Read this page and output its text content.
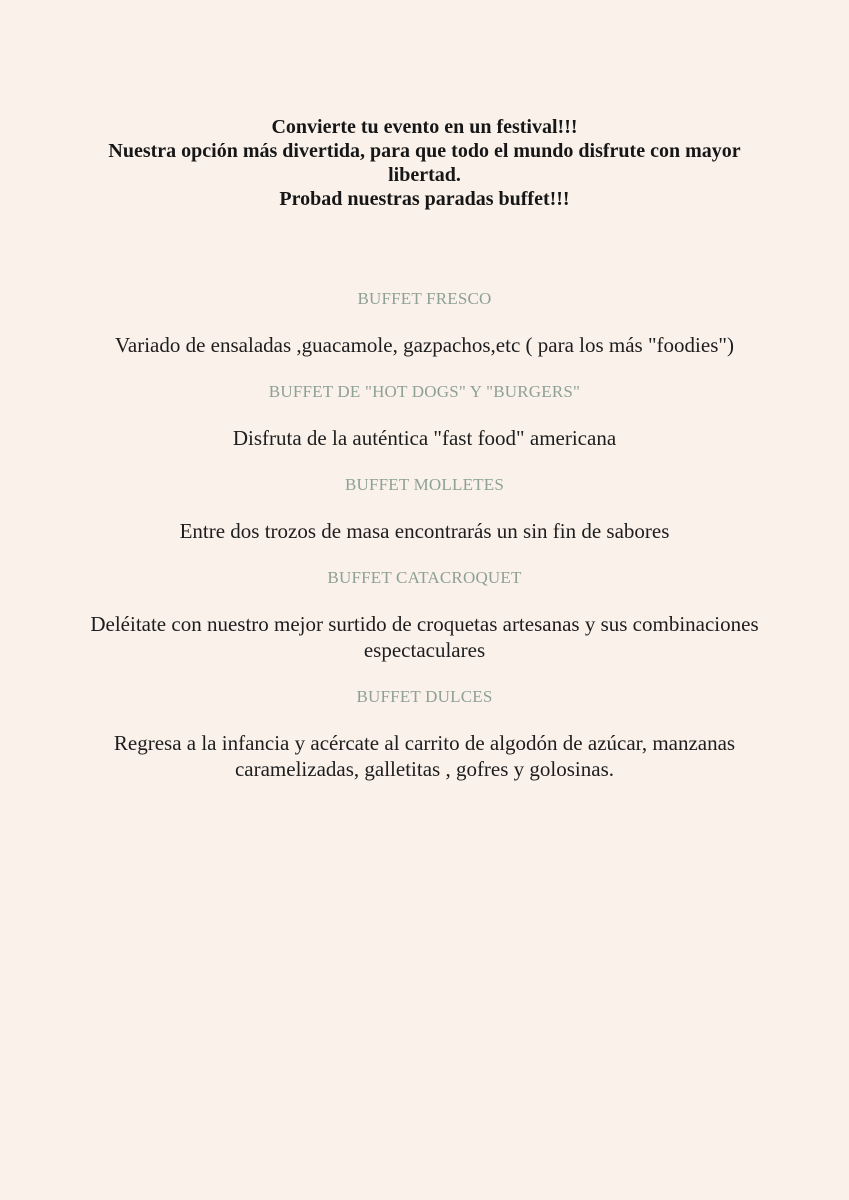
Convierte tu evento en un festival!!!
Nuestra opción más divertida, para que todo el mundo disfrute con mayor
libertad.
Probad nuestras paradas buffet!!!
BUFFET FRESCO
Variado de ensaladas ,guacamole, gazpachos,etc ( para los más "foodies")
BUFFET DE "HOT DOGS" Y "BURGERS"
Disfruta de la auténtica "fast food" americana
BUFFET MOLLETES
Entre dos trozos de masa encontrarás un sin fin de sabores
BUFFET CATACROQUET
Deléitate con nuestro mejor surtido de croquetas artesanas y sus combinaciones espectaculares
BUFFET DULCES
Regresa a la infancia y acércate al carrito de algodón de azúcar, manzanas caramelizadas, galletitas , gofres y golosinas.
